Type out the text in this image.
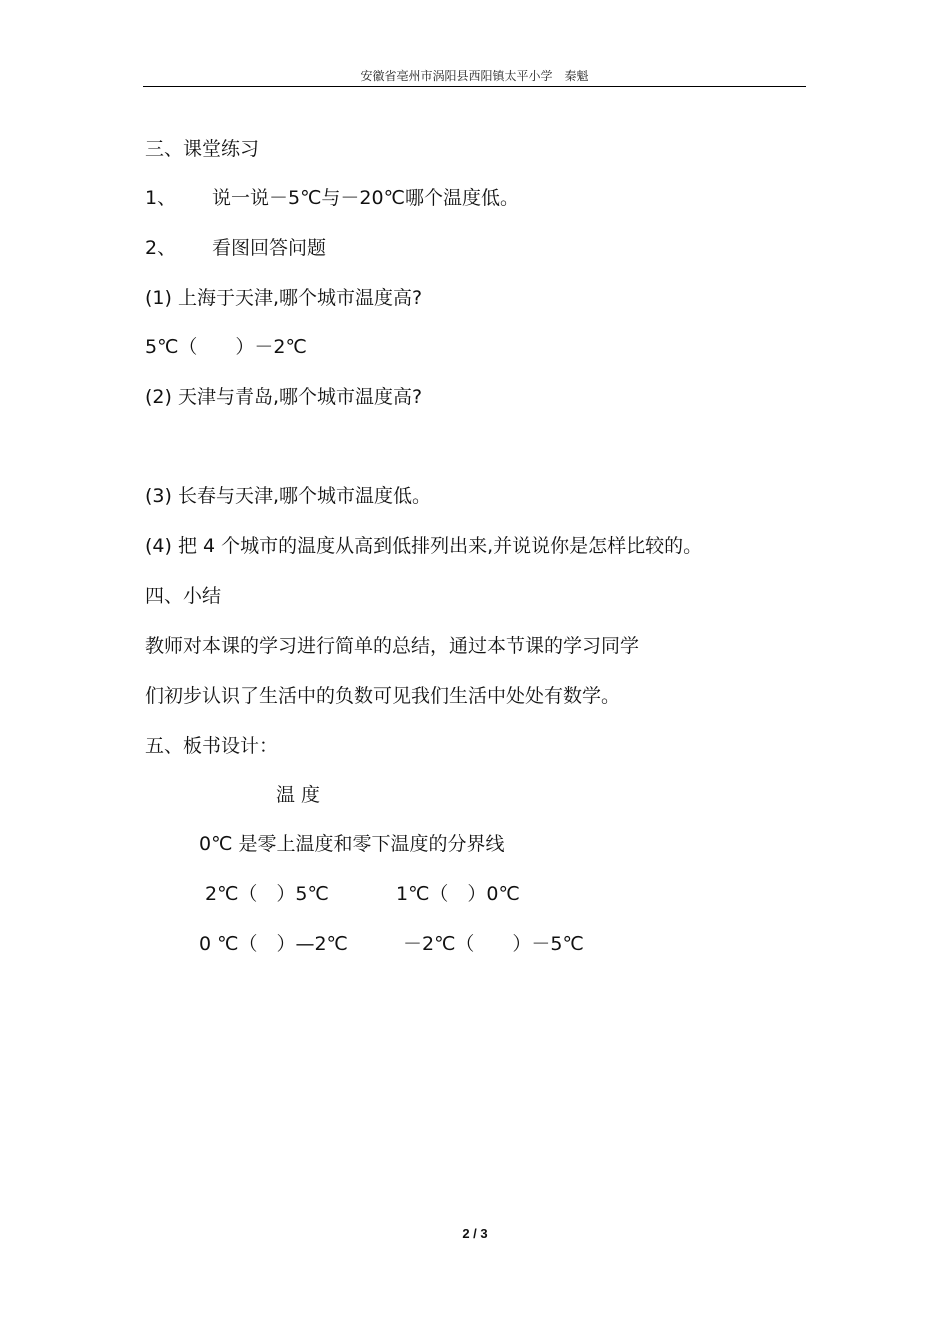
安徽省亳州市涡阳县西阳镇太平小学　秦魁
三、课堂练习
1、 说一说－5℃与－20℃哪个温度低。
2、 看图回答问题
(1) 上海于天津,哪个城市温度高?
5℃（　　）－2℃
(2) 天津与青岛,哪个城市温度高?
(3) 长春与天津,哪个城市温度低。
(4) 把 4 个城市的温度从高到低排列出来,并说说你是怎样比较的。
四、小结
教师对本课的学习进行简单的总结，通过本节课的学习同学
们初步认识了生活中的负数可见我们生活中处处有数学。
五、板书设计：
温 度
0℃ 是零上温度和零下温度的分界线
2℃（　）5℃	1℃（　）0℃
0 ℃（　）—2℃	－2℃（　　）－5℃
2 / 3
